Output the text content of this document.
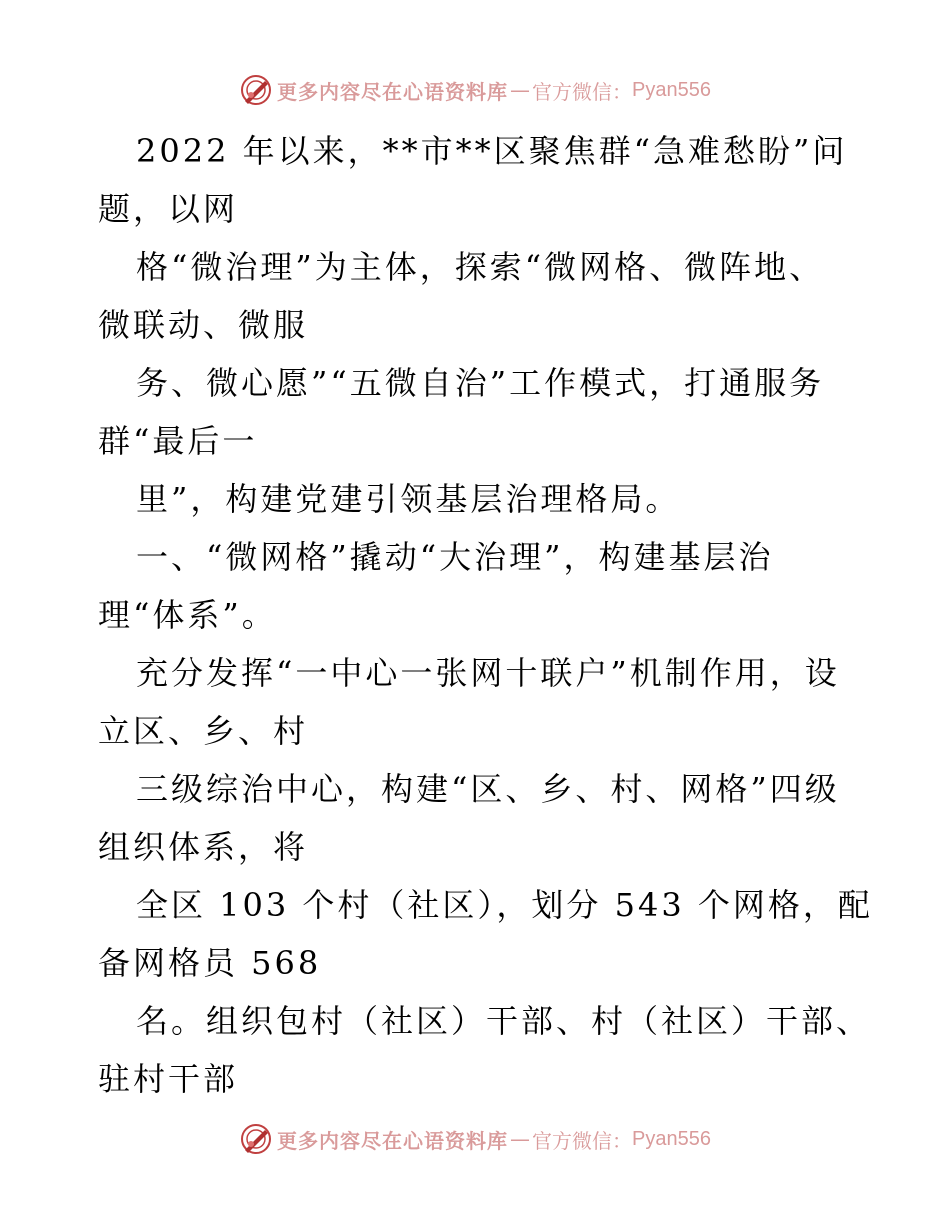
更多内容尽在心语资料库 — 官方微信： Pyan556
2022 年以来，**市**区聚焦群“急难愁盼”问
题，以网
格“微治理”为主体，探索“微网格、微阵地、
微联动、微服
务、微心愿”“五微自治”工作模式，打通服务
群“最后一
里”，构建党建引领基层治理格局。
一、“微网格”撬动“大治理”，构建基层治
理“体系”。
充分发挥“一中心一张网十联户”机制作用，设
立区、乡、村
三级综治中心，构建“区、乡、村、网格”四级
组织体系，将
全区 103 个村（社区），划分 543 个网格，配
备网格员 568
名。组织包村（社区）干部、村（社区）干部、
驻村干部
更多内容尽在心语资料库 — 官方微信： Pyan556
